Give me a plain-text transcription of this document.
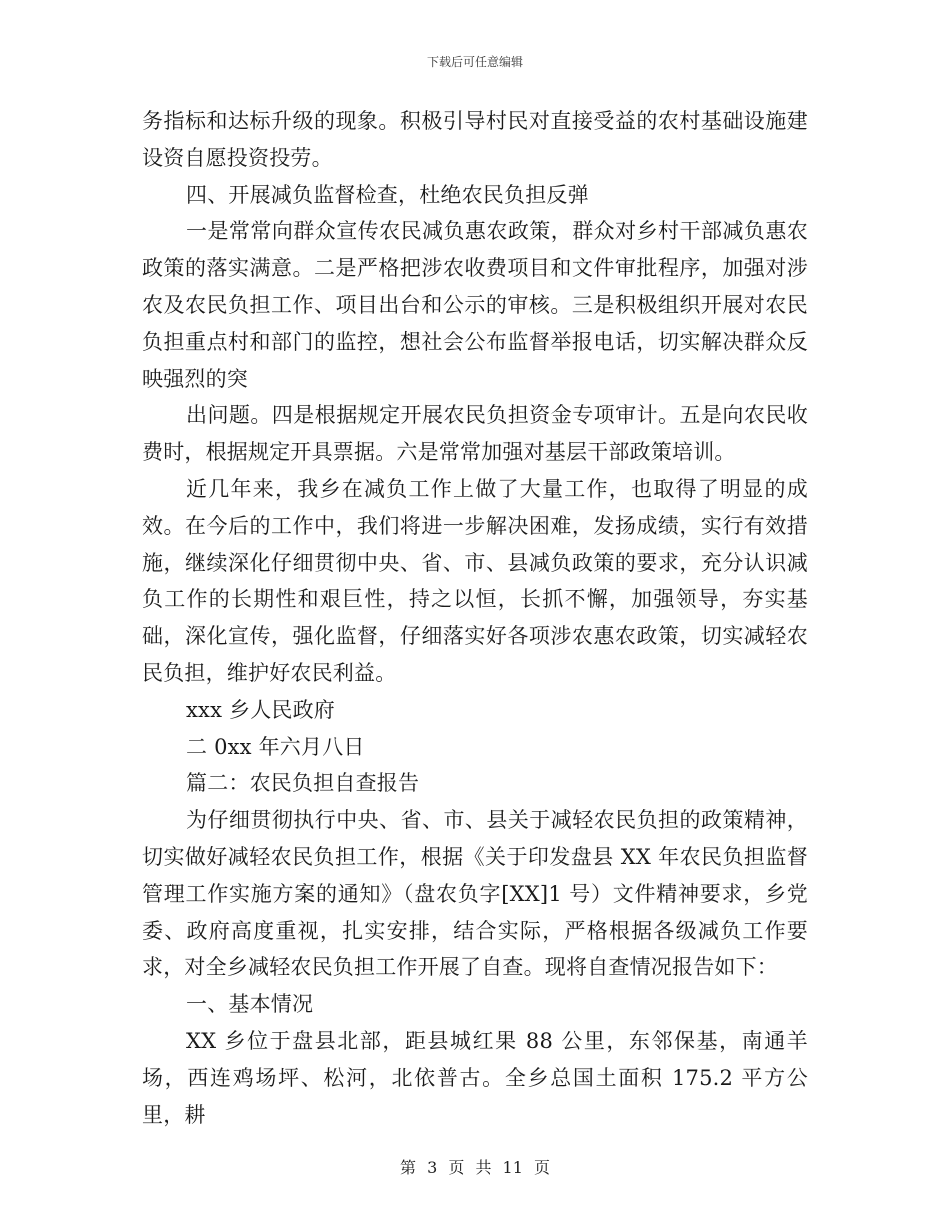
下载后可任意编辑

务指标和达标升级的现象。积极引导村民对直接受益的农村基础设施建设资自愿投资投劳。

四、开展减负监督检查，杜绝农民负担反弹

一是常常向群众宣传农民减负惠农政策，群众对乡村干部减负惠农政策的落实满意。二是严格把涉农收费项目和文件审批程序，加强对涉农及农民负担工作、项目出台和公示的审核。三是积极组织开展对农民负担重点村和部门的监控，想社会公布监督举报电话，切实解决群众反映强烈的突

出问题。四是根据规定开展农民负担资金专项审计。五是向农民收费时，根据规定开具票据。六是常常加强对基层干部政策培训。

近几年来，我乡在减负工作上做了大量工作，也取得了明显的成效。在今后的工作中，我们将进一步解决困难，发扬成绩，实行有效措施，继续深化仔细贯彻中央、省、市、县减负政策的要求，充分认识减负工作的长期性和艰巨性，持之以恒，长抓不懈，加强领导，夯实基础，深化宣传，强化监督，仔细落实好各项涉农惠农政策，切实减轻农民负担，维护好农民利益。

xxx 乡人民政府

二 0xx 年六月八日

篇二：农民负担自查报告

为仔细贯彻执行中央、省、市、县关于减轻农民负担的政策精神，切实做好减轻农民负担工作，根据《关于印发盘县 XX 年农民负担监督管理工作实施方案的通知》（盘农负字[XX]1 号）文件精神要求，乡党委、政府高度重视，扎实安排，结合实际，严格根据各级减负工作要求，对全乡减轻农民负担工作开展了自查。现将自查情况报告如下：

一、基本情况

XX 乡位于盘县北部，距县城红果 88 公里，东邻保基，南通羊场，西连鸡场坪、松河，北依普古。全乡总国土面积 175.2 平方公里，耕

第 3 页 共 11 页
